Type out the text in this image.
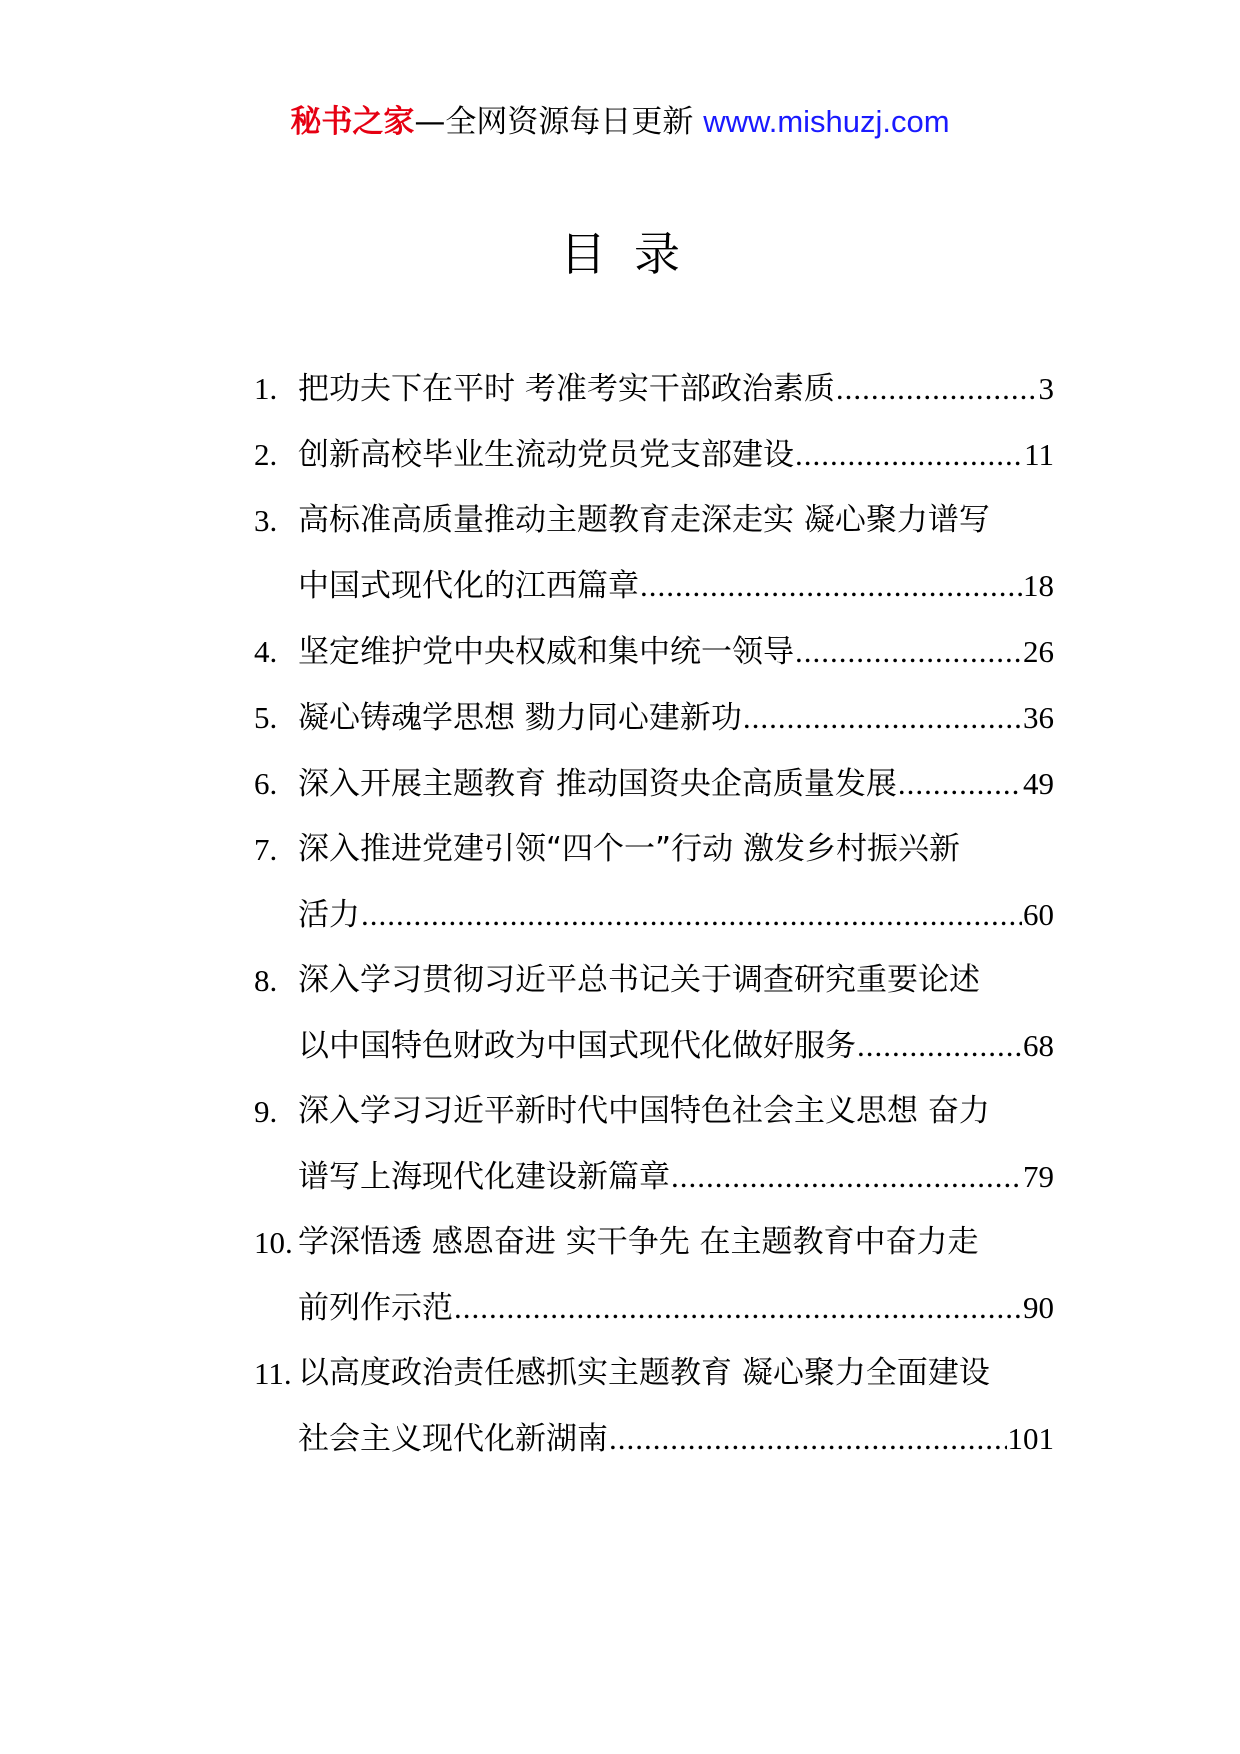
秘书之家—全网资源每日更新 www.mishuzj.com
目录
1. 把功夫下在平时 考准考实干部政治素质 .....	3
2. 创新高校毕业生流动党员党支部建设 .....	11
3. 高标准高质量推动主题教育走深走实 凝心聚力谱写
中国式现代化的江西篇章 .....	18
4. 坚定维护党中央权威和集中统一领导 .....	26
5. 凝心铸魂学思想 勠力同心建新功 .....	36
6. 深入开展主题教育 推动国资央企高质量发展 .....	49
7. 深入推进党建引领“四个一”行动 激发乡村振兴新
活力 .....	60
8. 深入学习贯彻习近平总书记关于调查研究重要论述
以中国特色财政为中国式现代化做好服务 .....	68
9. 深入学习习近平新时代中国特色社会主义思想 奋力
谱写上海现代化建设新篇章 .....	79
10. 学深悟透 感恩奋进 实干争先 在主题教育中奋力走
前列作示范 .....	90
11. 以高度政治责任感抓实主题教育 凝心聚力全面建设
社会主义现代化新湖南 .....	101
